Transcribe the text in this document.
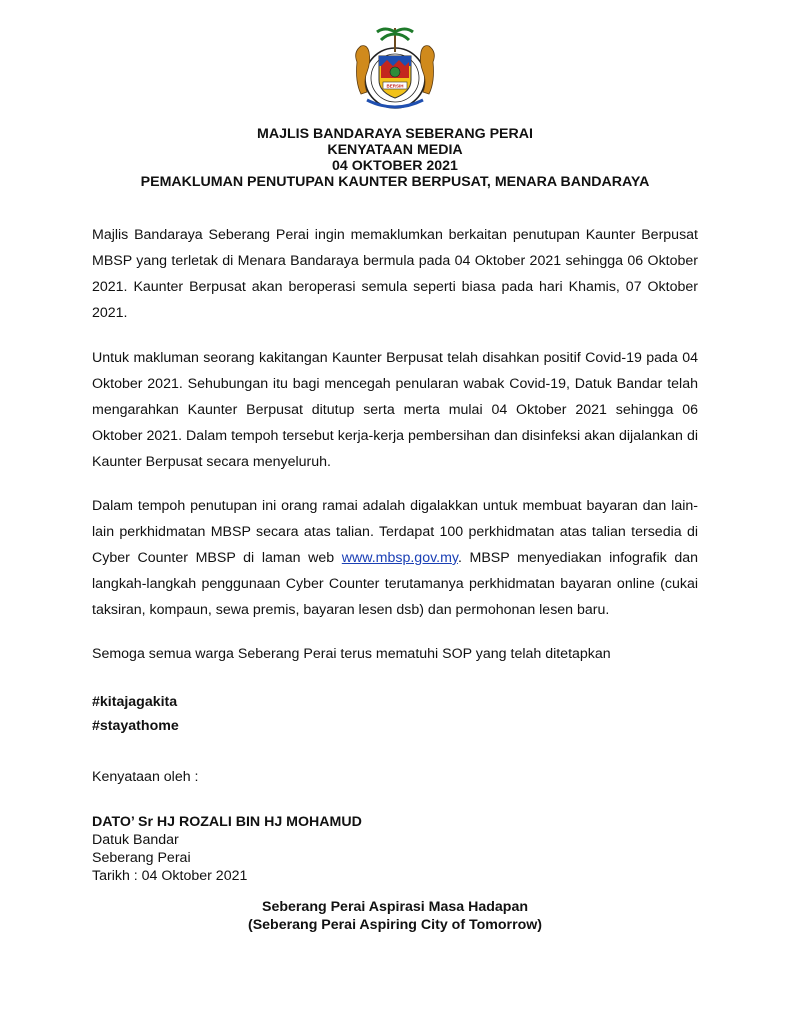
BERSIH
MAJLIS BANDARAYA SEBERANG PERAI
KENYATAAN MEDIA
04 OKTOBER 2021
PEMAKLUMAN PENUTUPAN KAUNTER BERPUSAT, MENARA BANDARAYA
Majlis Bandaraya Seberang Perai ingin memaklumkan berkaitan penutupan Kaunter Berpusat MBSP yang terletak di Menara Bandaraya bermula pada 04 Oktober 2021 sehingga 06 Oktober 2021. Kaunter Berpusat akan beroperasi semula seperti biasa pada hari Khamis, 07 Oktober 2021.
Untuk makluman seorang kakitangan Kaunter Berpusat telah disahkan positif Covid-19 pada 04 Oktober 2021. Sehubungan itu bagi mencegah penularan wabak Covid-19, Datuk Bandar telah mengarahkan Kaunter Berpusat ditutup serta merta mulai 04 Oktober 2021 sehingga 06 Oktober 2021. Dalam tempoh tersebut kerja-kerja pembersihan dan disinfeksi akan dijalankan di Kaunter Berpusat secara menyeluruh.
Dalam tempoh penutupan ini orang ramai adalah digalakkan untuk membuat bayaran dan lain-lain perkhidmatan MBSP secara atas talian. Terdapat 100 perkhidmatan atas talian tersedia di Cyber Counter MBSP di laman web www.mbsp.gov.my. MBSP menyediakan infografik dan langkah-langkah penggunaan Cyber Counter terutamanya perkhidmatan bayaran online (cukai taksiran, kompaun, sewa premis, bayaran lesen dsb) dan permohonan lesen baru.
Semoga semua warga Seberang Perai terus mematuhi SOP yang telah ditetapkan
#kitajagakita
#stayathome
Kenyataan oleh :
DATO’ Sr HJ ROZALI BIN HJ MOHAMUD
Datuk Bandar
Seberang Perai
Tarikh : 04 Oktober 2021
Seberang Perai Aspirasi Masa Hadapan
(Seberang Perai Aspiring City of Tomorrow)
